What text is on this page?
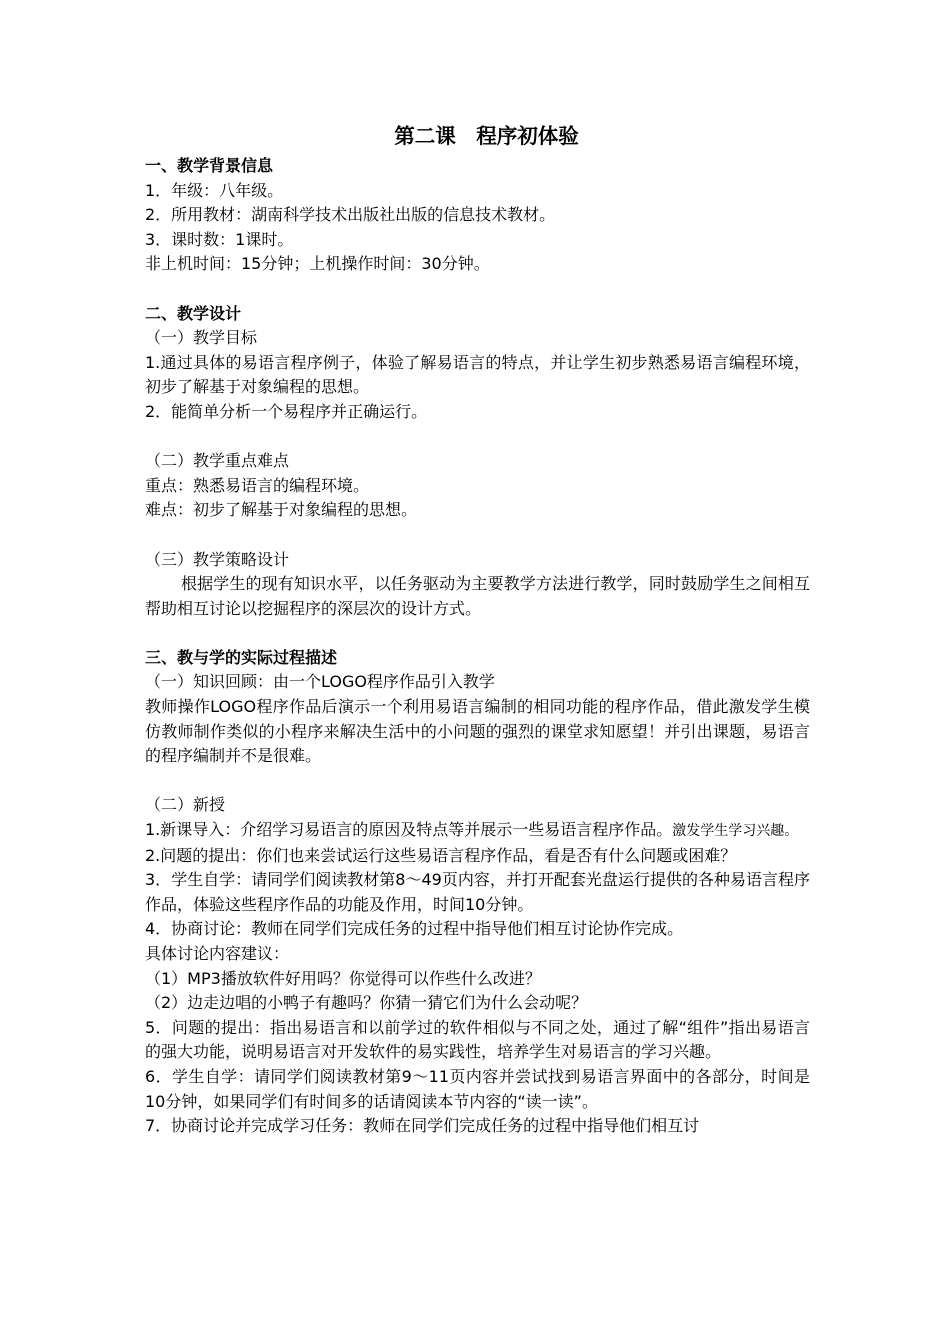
第二课　程序初体验

一、教学背景信息

1．年级：八年级。

2．所用教材：湖南科学技术出版社出版的信息技术教材。

3．课时数：1课时。

非上机时间：15分钟；上机操作时间：30分钟。

二、教学设计

（一）教学目标

1.通过具体的易语言程序例子，体验了解易语言的特点，并让学生初步熟悉易语言编程环境，初步了解基于对象编程的思想。

2．能简单分析一个易程序并正确运行。

（二）教学重点难点

重点：熟悉易语言的编程环境。

难点：初步了解基于对象编程的思想。

（三）教学策略设计

根据学生的现有知识水平，以任务驱动为主要教学方法进行教学，同时鼓励学生之间相互帮助相互讨论以挖掘程序的深层次的设计方式。

三、教与学的实际过程描述

（一）知识回顾：由一个LOGO程序作品引入教学

教师操作LOGO程序作品后演示一个利用易语言编制的相同功能的程序作品，借此激发学生模仿教师制作类似的小程序来解决生活中的小问题的强烈的课堂求知愿望！并引出课题，易语言的程序编制并不是很难。

（二）新授

1.新课导入：介绍学习易语言的原因及特点等并展示一些易语言程序作品。激发学生学习兴趣。

2.问题的提出：你们也来尝试运行这些易语言程序作品，看是否有什么问题或困难？

3．学生自学：请同学们阅读教材第8～49页内容，并打开配套光盘运行提供的各种易语言程序作品，体验这些程序作品的功能及作用，时间10分钟。

4．协商讨论：教师在同学们完成任务的过程中指导他们相互讨论协作完成。

具体讨论内容建议：

（1）MP3播放软件好用吗？你觉得可以作些什么改进？

（2）边走边唱的小鸭子有趣吗？你猜一猜它们为什么会动呢？

5．问题的提出：指出易语言和以前学过的软件相似与不同之处，通过了解“组件”指出易语言的强大功能，说明易语言对开发软件的易实践性，培养学生对易语言的学习兴趣。

6．学生自学：请同学们阅读教材第9～11页内容并尝试找到易语言界面中的各部分，时间是10分钟，如果同学们有时间多的话请阅读本节内容的“读一读”。

7．协商讨论并完成学习任务：教师在同学们完成任务的过程中指导他们相互讨
